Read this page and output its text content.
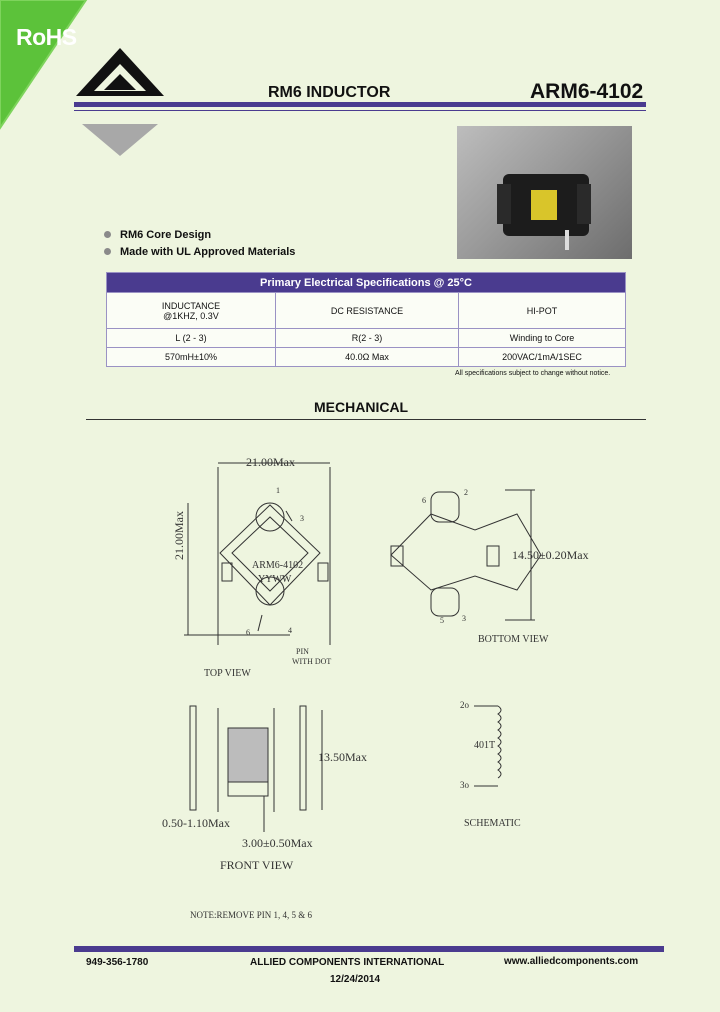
RoHS
RM6 INDUCTOR	ARM6-4102
RM6 Core Design
Made with UL Approved Materials
Primary Electrical Specifications @ 25°C		

INDUCTANCE
@1KHZ, 0.3V	DC RESISTANCE	HI-POT

L (2 - 3)	R(2 - 3)	Winding to Core
570mH±10%	40.0Ω Max	200VAC/1mA/1SEC
All specifications subject to change without notice.
MECHANICAL
21.00Max
21.00Max
ARM6-4102
YYWW
1
3
6	4
PIN
WITH DOT
TOP VIEW
14.50±0.20Max
6
2
5 3
BOTTOM VIEW
13.50Max
0.50-1.10Max
3.00±0.50Max
FRONT VIEW
2o
3o
401T
SCHEMATIC
NOTE:REMOVE PIN 1, 4, 5 & 6
949-356-1780	ALLIED COMPONENTS INTERNATIONAL	www.alliedcomponents.com
12/24/2014
